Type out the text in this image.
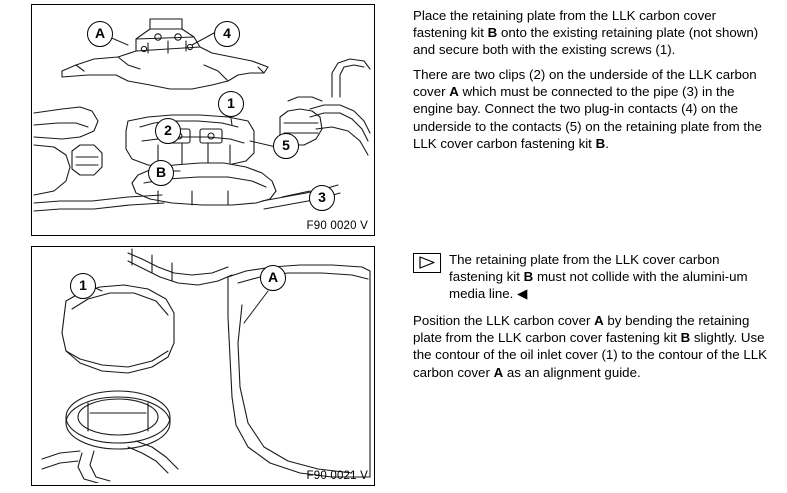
A	4
1
2
5
B
3
F90 0020 V
1	A
F90 0021 V

Place the retaining plate from the LLK carbon cover fastening kit B onto the existing retaining plate (not shown) and secure both with the existing screws (1).

There are two clips (2) on the underside of the LLK carbon cover A which must be connected to the pipe (3) in the engine bay. Connect the two plug-in contacts (4) on the underside to the contacts (5) on the retaining plate from the LLK cover carbon fastening kit B.

The retaining plate from the LLK cover carbon fastening kit B must not collide with the alumini-um media line. ◀

Position the LLK carbon cover A by bending the retaining plate from the LLK carbon cover fastening kit B slightly. Use the contour of the oil inlet cover (1) to the contour of the LLK carbon cover A as an alignment guide.
